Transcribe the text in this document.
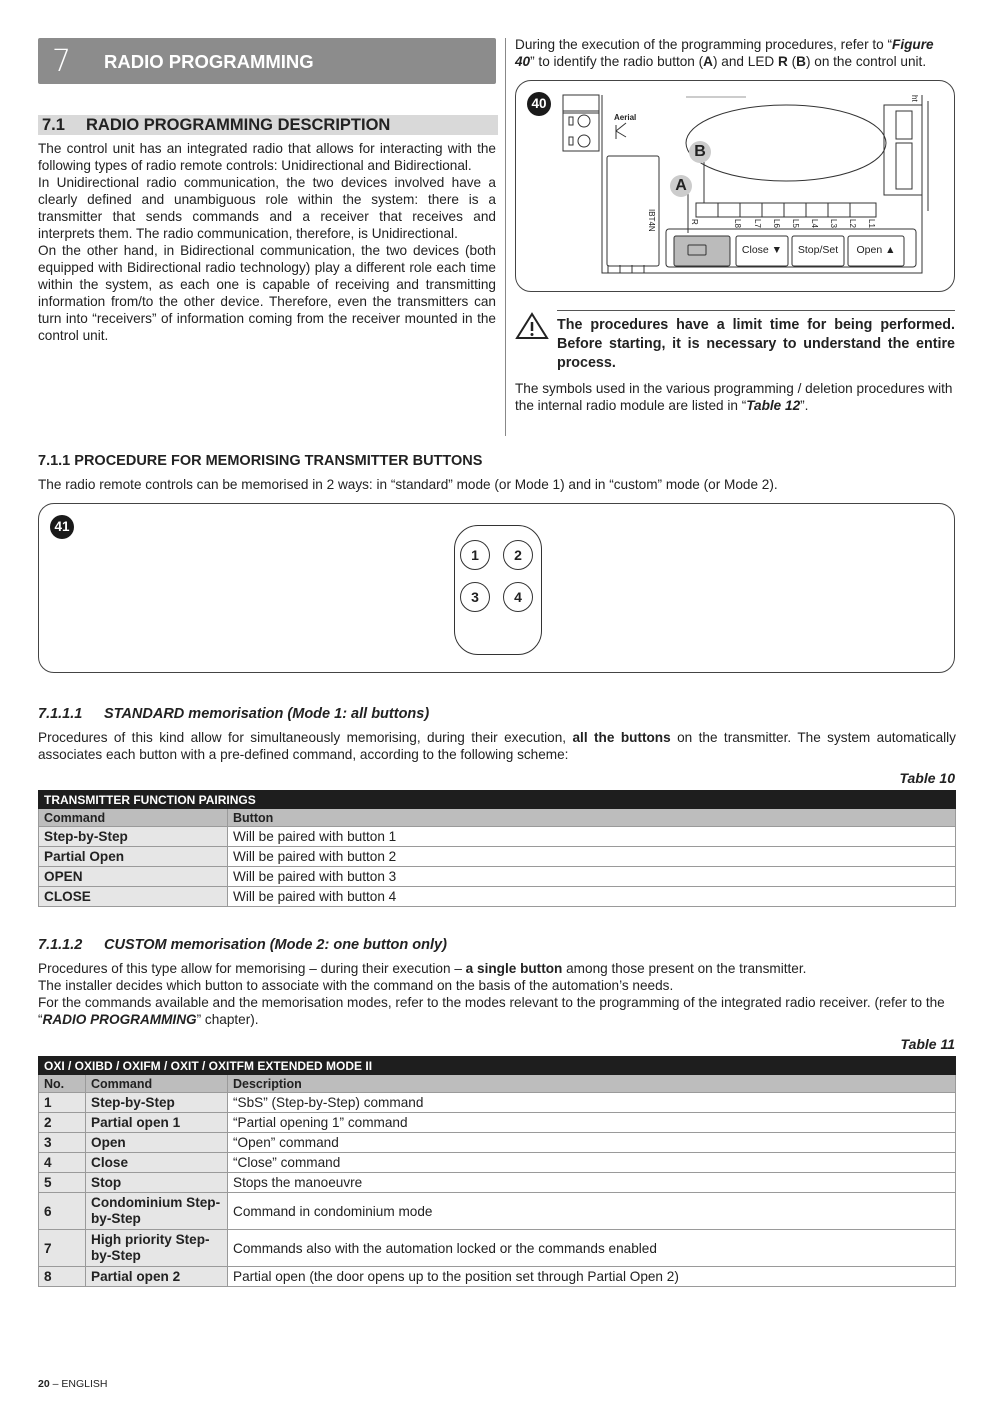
7 RADIO PROGRAMMING
7.1 RADIO PROGRAMMING DESCRIPTION

The control unit has an integrated radio that allows for interacting with the following types of radio remote controls: Unidirectional and Bidirectional.

In Unidirectional radio communication, the two devices involved have a clearly defined and unambiguous role within the system: there is a transmitter that sends commands and a receiver that receives and interprets them. The radio communication, therefore, is Unidirectional.

On the other hand, in Bidirectional communication, the two devices (both equipped with Bidirectional radio technology) play a different role each time within the system, as each one is capable of receiving and transmitting information from/to the other device. Therefore, even the transmitters can turn into “receivers” of information coming from the receiver mounted in the control unit.

During the execution of the programming procedures, refer to “Figure 40” to identify the radio button (A) and LED R (B) on the control unit.

40
Aerial
B
A
IBT4N	R
ht
L8 L7 L6 L5 L4 L3 L2 L1
Close ▼	Stop/Set	Open ▲
The procedures have a limit time for being performed. Before starting, it is necessary to understand the entire process.

The symbols used in the various programming / deletion procedures with the internal radio module are listed in “Table 12”.

7.1.1 PROCEDURE FOR MEMORISING TRANSMITTER BUTTONS
The radio remote controls can be memorised in 2 ways: in “standard” mode (or Mode 1) and in “custom” mode (or Mode 2).
41
1	2
3	4
7.1.1.1 STANDARD memorisation (Mode 1: all buttons)

Procedures of this kind allow for simultaneously memorising, during their execution, all the buttons on the transmitter. The system automatically associates each button with a pre-defined command, according to the following scheme:

Table 10
TRANSMITTER FUNCTION PAIRINGS	
Command	Button
Step-by-Step	Will be paired with button 1
Partial Open	Will be paired with button 2
OPEN	Will be paired with button 3
CLOSE	Will be paired with button 4
7.1.1.2 CUSTOM memorisation (Mode 2: one button only)

Procedures of this type allow for memorising – during their execution – a single button among those present on the transmitter.

The installer decides which button to associate with the command on the basis of the automation’s needs.

For the commands available and the memorisation modes, refer to the modes relevant to the programming of the integrated radio receiver. (refer to the “RADIO PROGRAMMING” chapter).

Table 11
OXI / OXIBD / OXIFM / OXIT / OXITFM EXTENDED MODE II		
No.	Command	Description
1	Step-by-Step	“SbS” (Step-by-Step) command
2	Partial open 1	“Partial opening 1” command
3	Open	“Open” command
4	Close	“Close” command
5	Stop	Stops the manoeuvre
6	Condominium Step-by-Step	Command in condominium mode
7	High priority Step-by-Step	Commands also with the automation locked or the commands enabled
8	Partial open 2	Partial open (the door opens up to the position set through Partial Open 2)
20 – ENGLISH
